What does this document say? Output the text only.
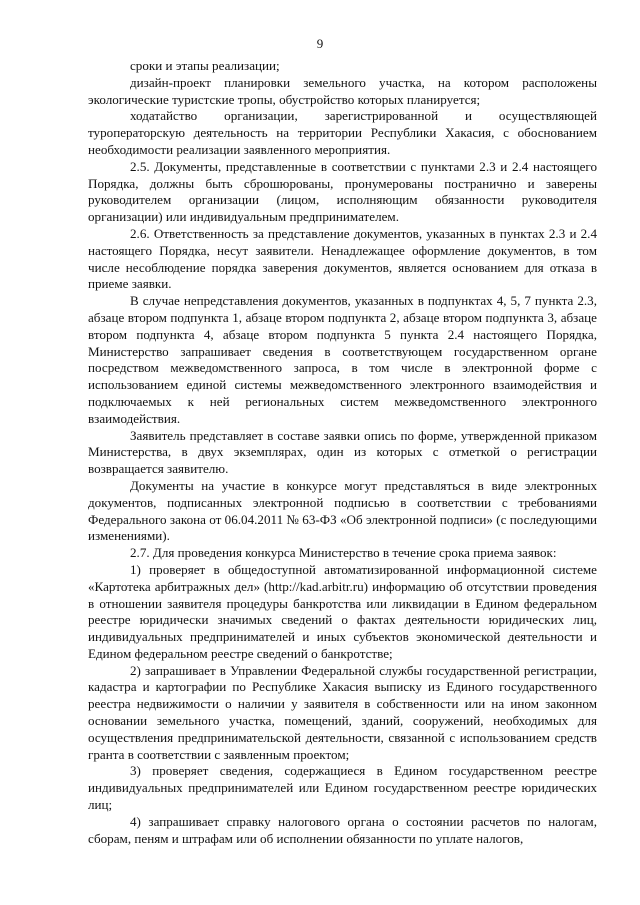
9

сроки и этапы реализации;

дизайн-проект планировки земельного участка, на котором расположены экологические туристские тропы, обустройство которых планируется;

ходатайство организации, зарегистрированной и осуществляющей туроператорскую деятельность на территории Республики Хакасия, с обоснованием необходимости реализации заявленного мероприятия.

2.5. Документы, представленные в соответствии с пунктами 2.3 и 2.4 настоящего Порядка, должны быть сброшюрованы, пронумерованы постранично и заверены руководителем организации (лицом, исполняющим обязанности руководителя организации) или индивидуальным предпринимателем.

2.6. Ответственность за представление документов, указанных в пунктах 2.3 и 2.4 настоящего Порядка, несут заявители. Ненадлежащее оформление документов, в том числе несоблюдение порядка заверения документов, является основанием для отказа в приеме заявки.

В случае непредставления документов, указанных в подпунктах 4, 5, 7 пункта 2.3, абзаце втором подпункта 1, абзаце втором подпункта 2, абзаце втором подпункта 3, абзаце втором подпункта 4, абзаце втором подпункта 5 пункта 2.4 настоящего Порядка, Министерство запрашивает сведения в соответствующем государственном органе посредством межведомственного запроса, в том числе в электронной форме с использованием единой системы межведомственного электронного взаимодействия и подключаемых к ней региональных систем межведомственного электронного взаимодействия.

Заявитель представляет в составе заявки опись по форме, утвержденной приказом Министерства, в двух экземплярах, один из которых с отметкой о регистрации возвращается заявителю.

Документы на участие в конкурсе могут представляться в виде электронных документов, подписанных электронной подписью в соответствии с требованиями Федерального закона от 06.04.2011 № 63-ФЗ «Об электронной подписи» (с последующими изменениями).

2.7. Для проведения конкурса Министерство в течение срока приема заявок:

1) проверяет в общедоступной автоматизированной информационной системе «Картотека арбитражных дел» (http://kad.arbitr.ru) информацию об отсутствии проведения в отношении заявителя процедуры банкротства или ликвидации в Едином федеральном реестре юридически значимых сведений о фактах деятельности юридических лиц, индивидуальных предпринимателей и иных субъектов экономической деятельности и Едином федеральном реестре сведений о банкротстве;

2) запрашивает в Управлении Федеральной службы государственной регистрации, кадастра и картографии по Республике Хакасия выписку из Единого государственного реестра недвижимости о наличии у заявителя в собственности или на ином законном основании земельного участка, помещений, зданий, сооружений, необходимых для осуществления предпринимательской деятельности, связанной с использованием средств гранта в соответствии с заявленным проектом;

3) проверяет сведения, содержащиеся в Едином государственном реестре индивидуальных предпринимателей или Едином государственном реестре юридических лиц;

4) запрашивает справку налогового органа о состоянии расчетов по налогам, сборам, пеням и штрафам или об исполнении обязанности по уплате налогов,
